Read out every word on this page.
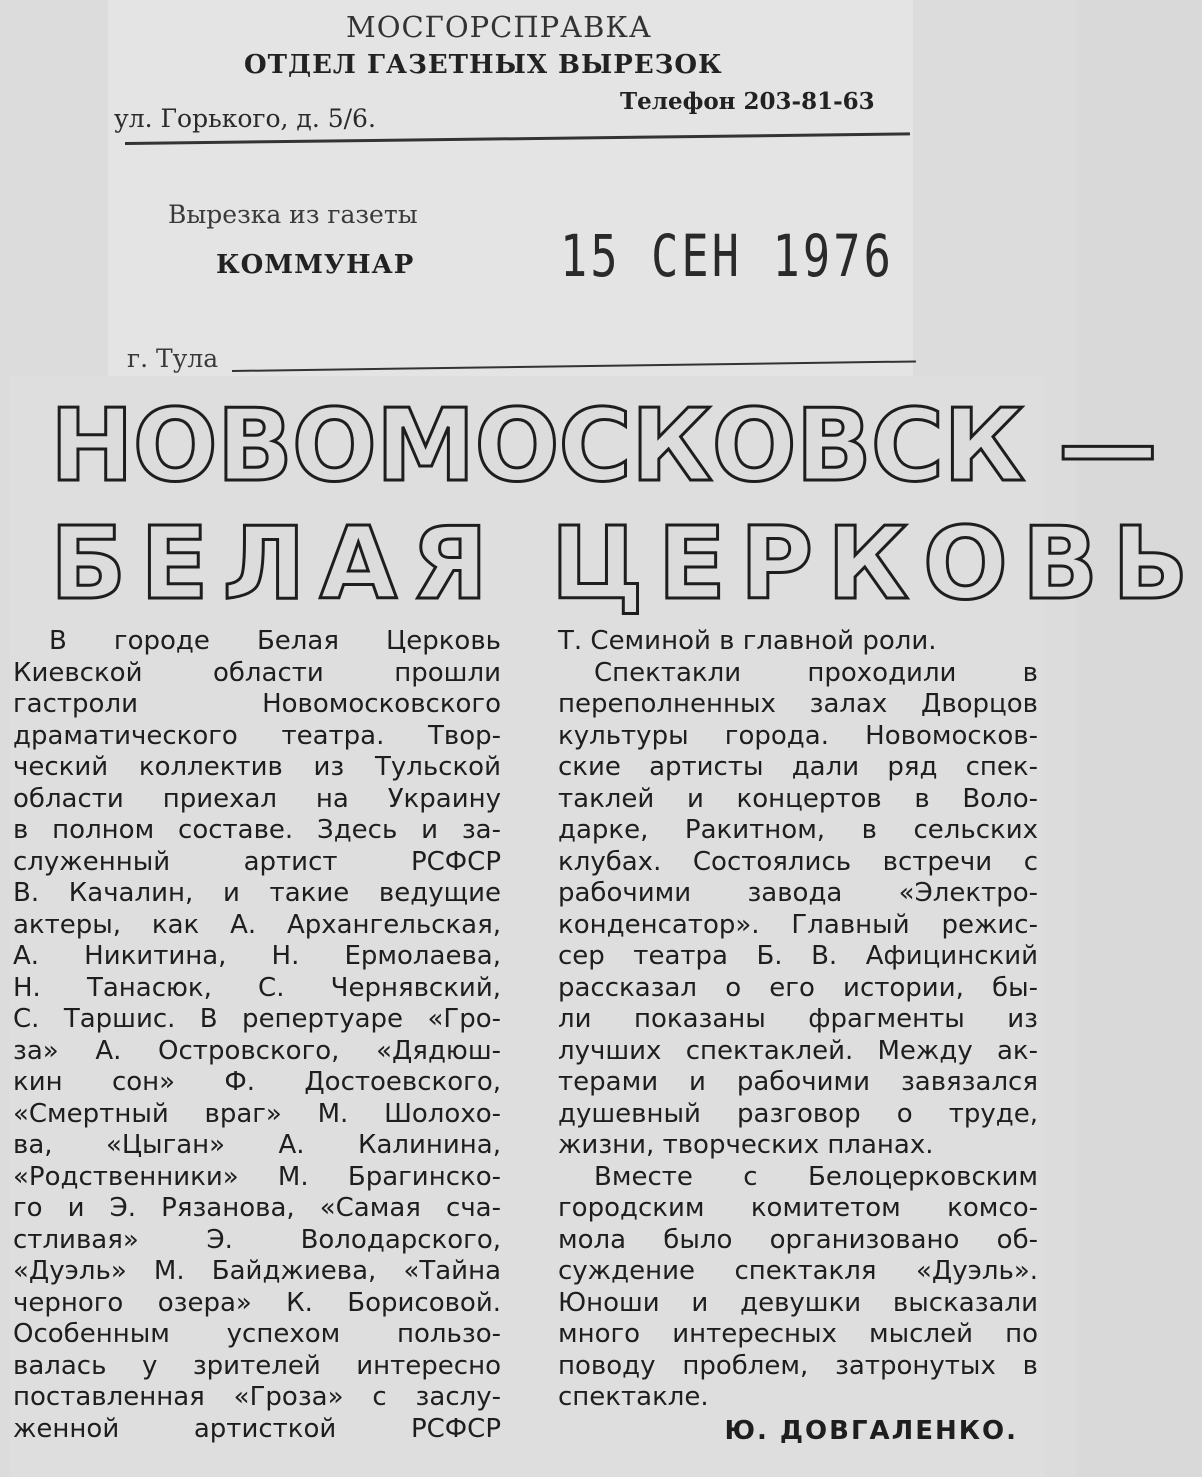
МОСГОРСПРАВКА
ОТДЕЛ ГАЗЕТНЫХ ВЫРЕЗОК
ул. Горького, д. 5/6.
Телефон 203-81-63
Вырезка из газеты
КОММУНАР	15 СЕН 1976
г. Тула
НОВОМОСКОВСК —
БЕЛАЯ ЦЕРКОВЬ
В городе Белая Церковь
Киевской области прошли
гастроли Новомосковского
драматического театра. Твор-
ческий коллектив из Тульской
области приехал на Украину
в полном составе. Здесь и за-
служенный артист РСФСР
В. Качалин, и такие ведущие
актеры, как А. Архангельская,
А. Никитина, Н. Ермолаева,
Н. Танасюк, С. Чернявский,
С. Таршис. В репертуаре «Гро-
за» А. Островского, «Дядюш-
кин сон» Ф. Достоевского,
«Смертный враг» М. Шолохо-
ва, «Цыган» А. Калинина,
«Родственники» М. Брагинско-
го и Э. Рязанова, «Самая сча-
стливая» Э. Володарского,
«Дуэль» М. Байджиева, «Тайна
черного озера» К. Борисовой.
Особенным успехом пользо-
валась у зрителей интересно
поставленная «Гроза» с заслу-
женной артисткой РСФСР
Т. Семиной в главной роли.
Спектакли проходили в
переполненных залах Дворцов
культуры города. Новомосков-
ские артисты дали ряд спек-
таклей и концертов в Воло-
дарке, Ракитном, в сельских
клубах. Состоялись встречи с
рабочими завода «Электро-
конденсатор». Главный режис-
сер театра Б. В. Афицинский
рассказал о его истории, бы-
ли показаны фрагменты из
лучших спектаклей. Между ак-
терами и рабочими завязался
душевный разговор о труде,
жизни, творческих планах.
Вместе с Белоцерковским
городским комитетом комсо-
мола было организовано об-
суждение спектакля «Дуэль».
Юноши и девушки высказали
много интересных мыслей по
поводу проблем, затронутых в
спектакле.
Ю. ДОВГАЛЕНКО.
